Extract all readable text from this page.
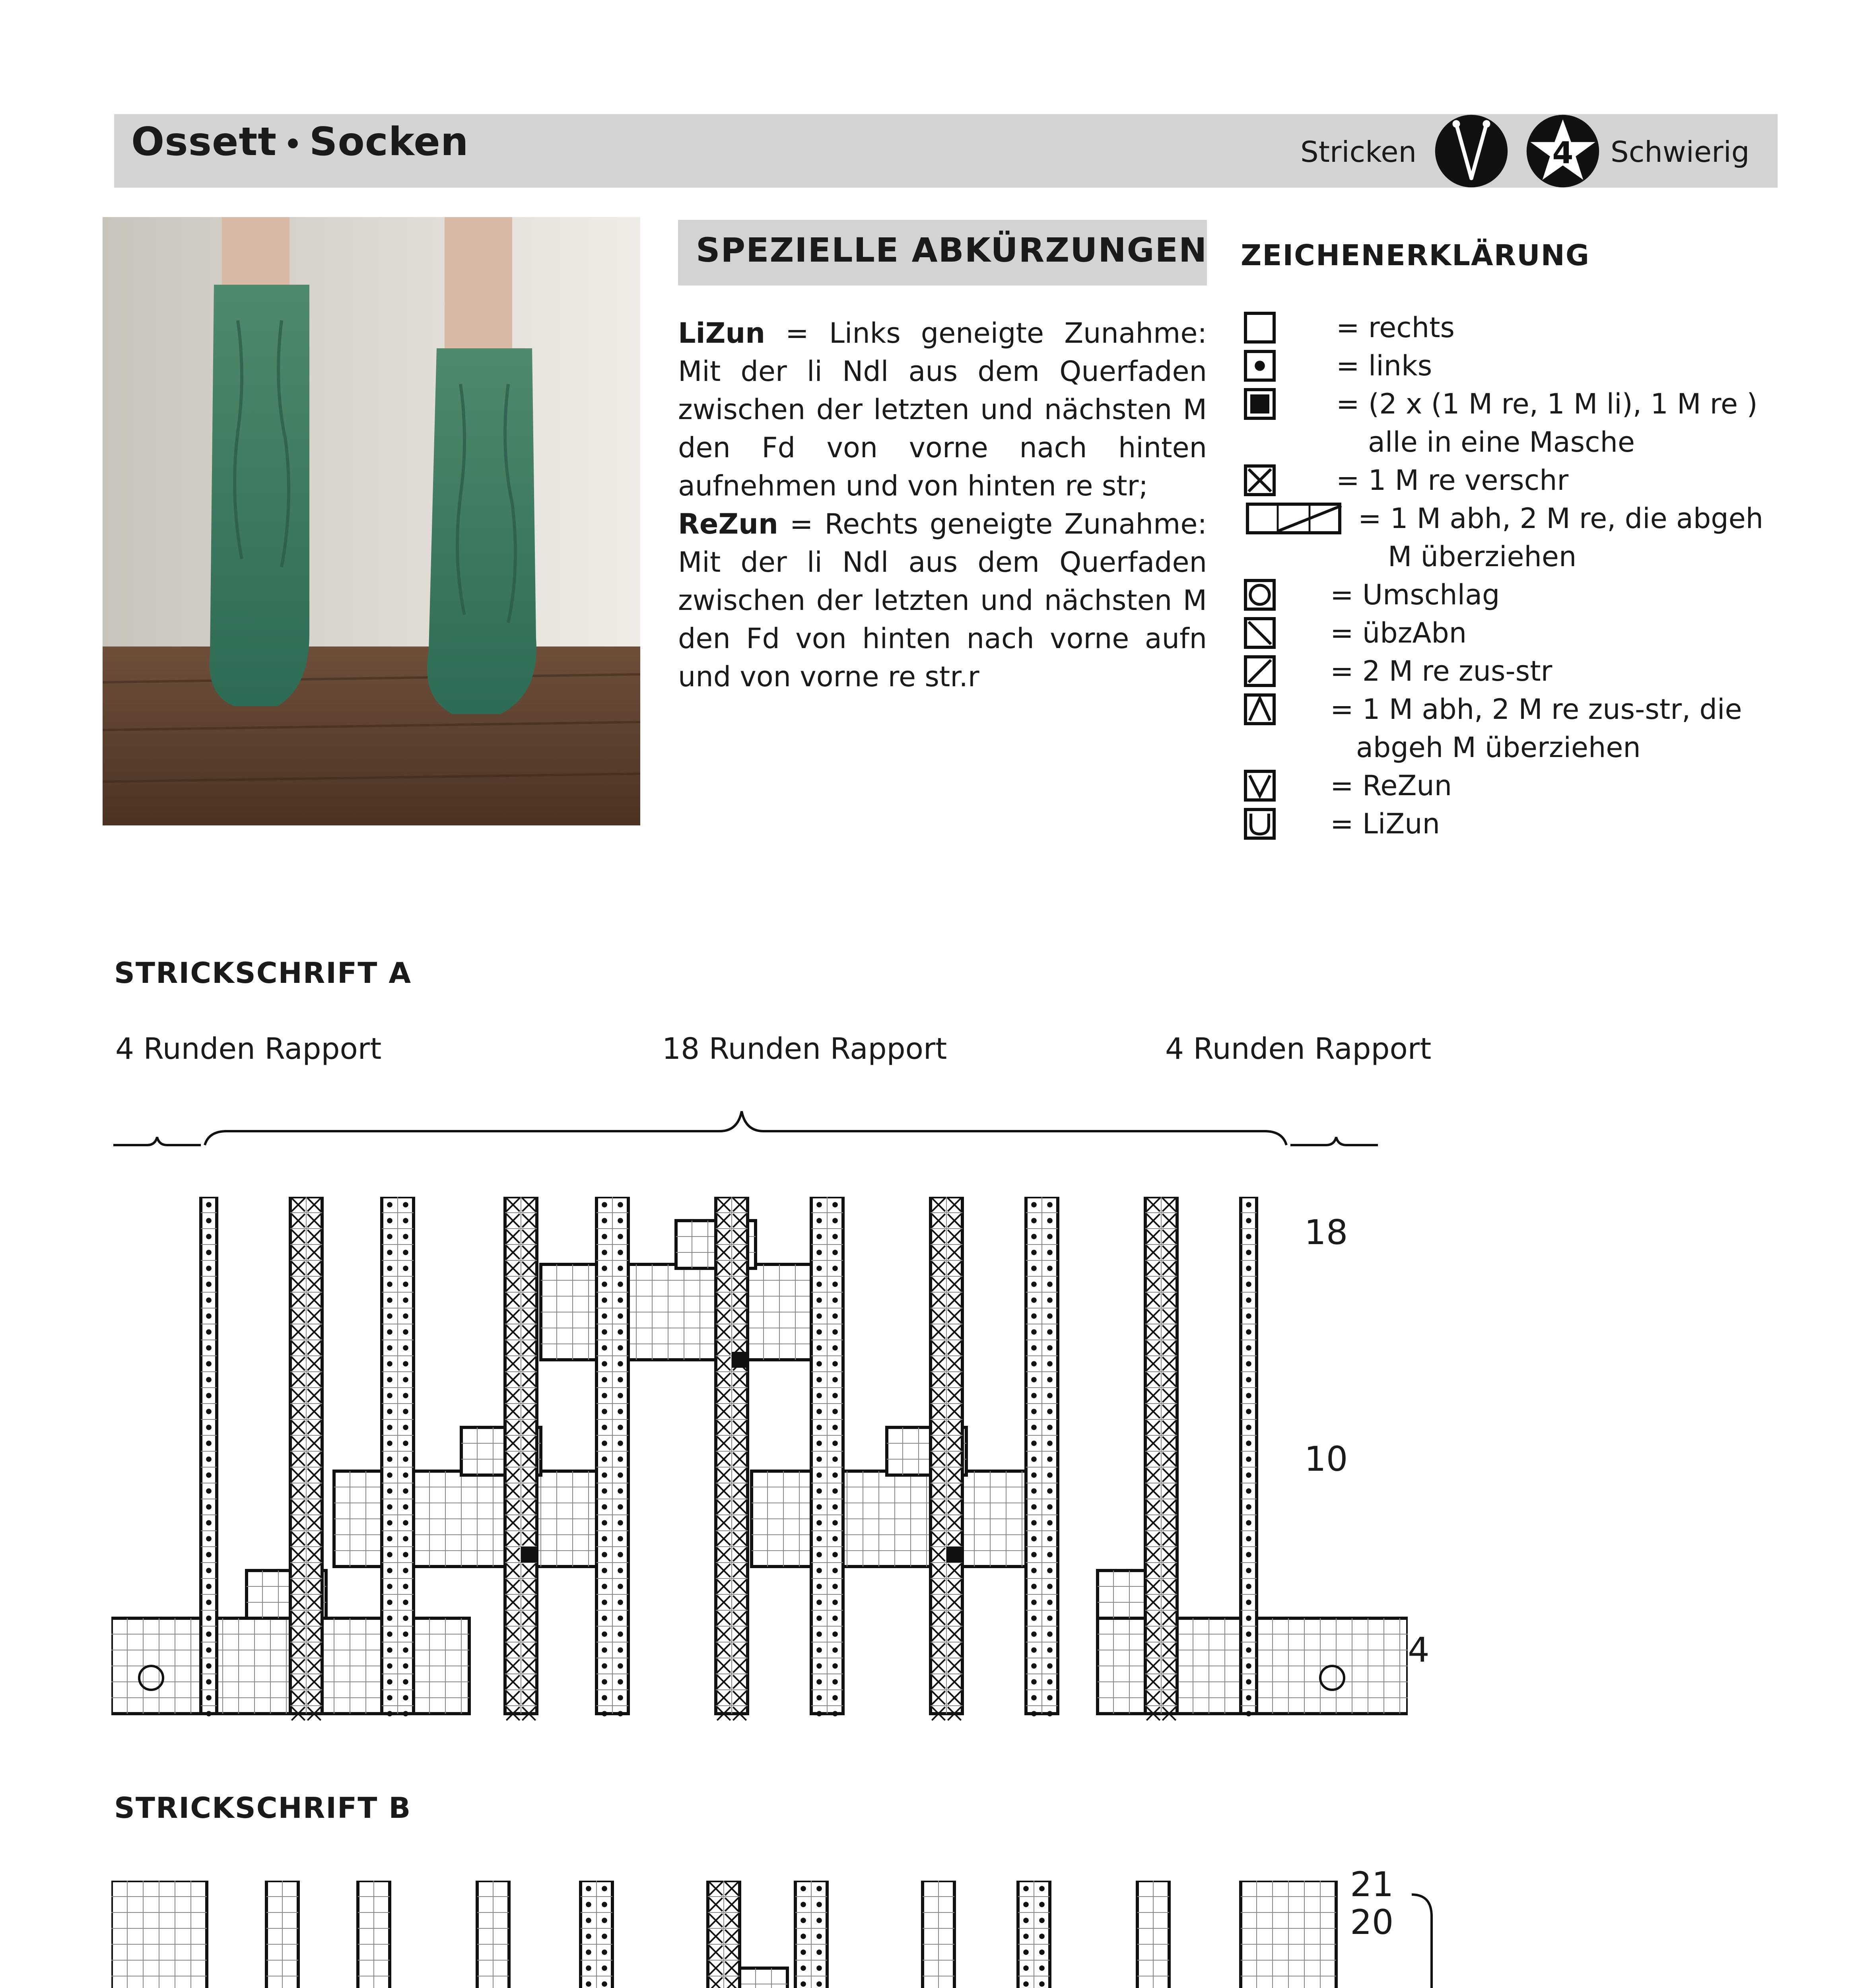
Ossett • Socken	Stricken	4 Schwierig
SPEZIELLE ABKÜRZUNGEN
LiZun = Links geneigte Zunahme: Mit der li Ndl aus dem Querfaden zwischen der letzten und nächsten M den Fd von vorne nach hinten aufnehmen und von hinten re str;
ReZun = Rechts geneigte Zunahme: Mit der li Ndl aus dem Querfaden zwischen der letzten und nächsten M den Fd von hinten nach vorne aufn und von vorne re str.r
ZEICHENERKLÄRUNG
= rechts
= links
= (2 x (1 M re, 1 M li), 1 M re )
alle in eine Masche
= 1 M re verschr
= 1 M abh, 2 M re, die abgeh
M überziehen
= Umschlag
= übzAbn
= 2 M re zus-str
= 1 M abh, 2 M re zus-str, die
abgeh M überziehen
= ReZun
= LiZun
STRICKSCHRIFT A
4 Runden Rapport	18 Runden Rapport	4 Runden Rapport
18
10
4
STRICKSCHRIFT B
21
20
